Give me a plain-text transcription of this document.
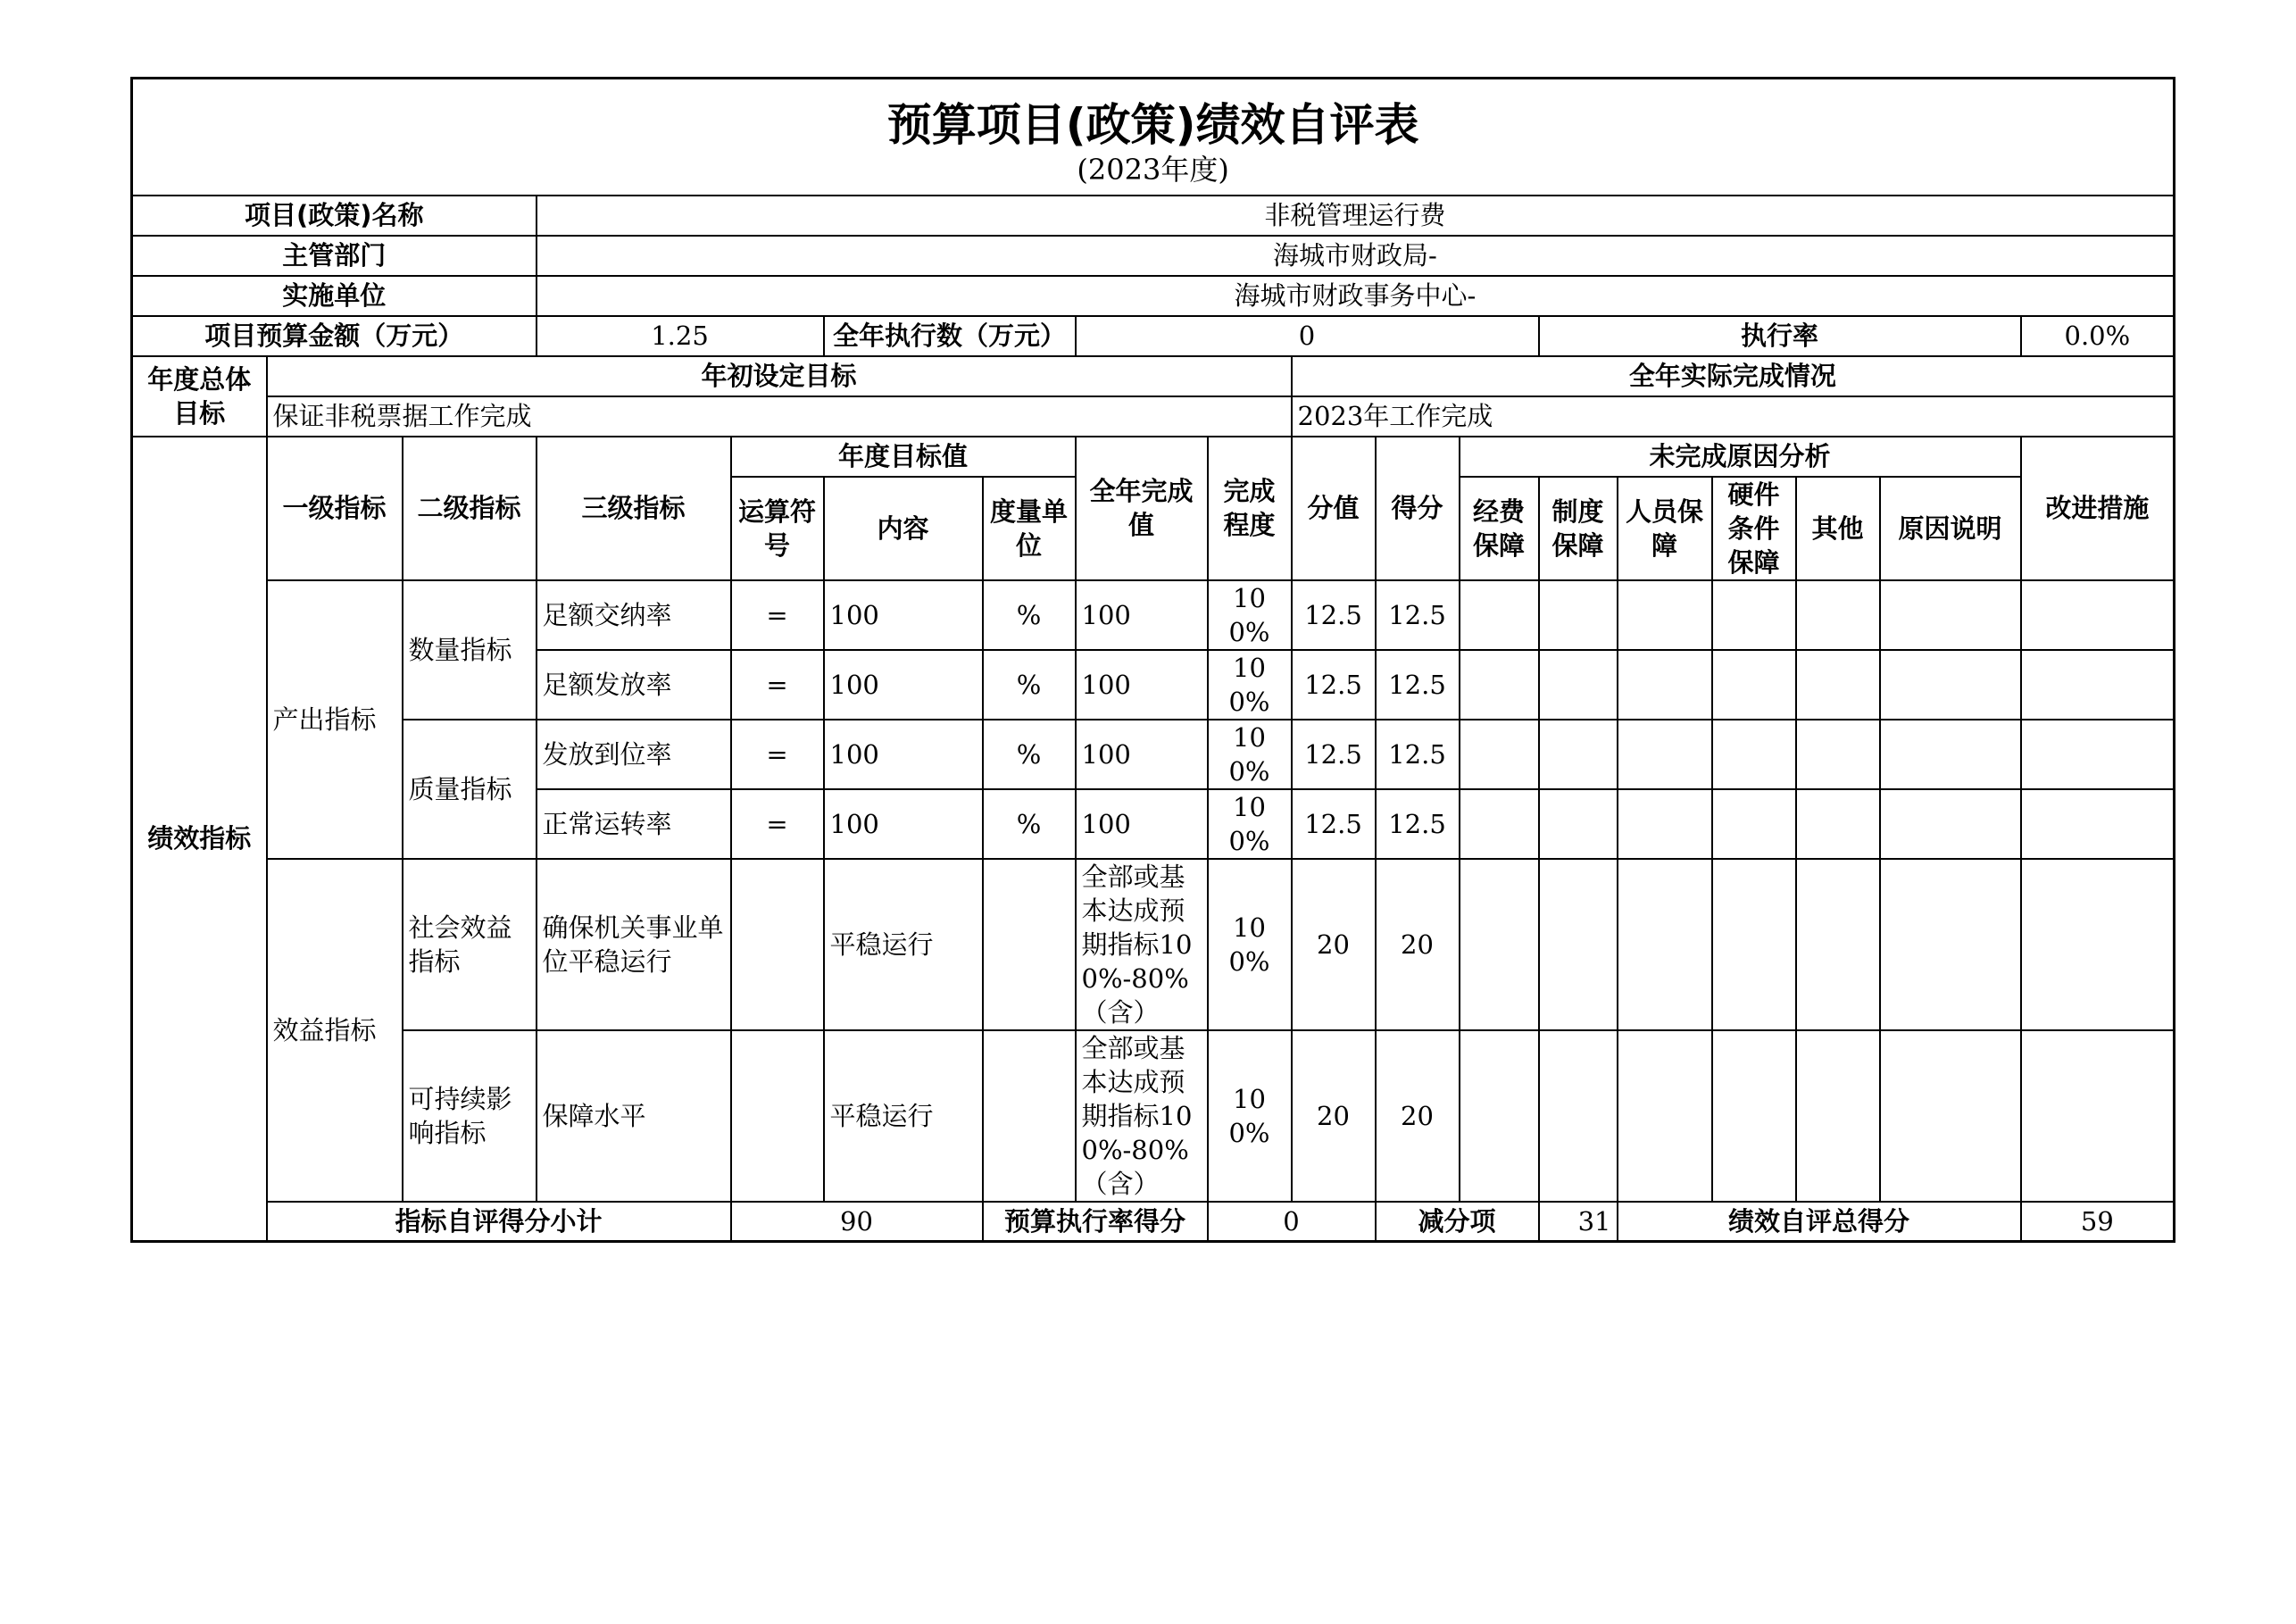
预算项目(政策)绩效自评表
(2023年度)																	

项目(政策)名称			非税管理运行费														
主管部门			海城市财政局-														
实施单位			海城市财政事务中心-														
项目预算金额（万元）			1.25		全年执行数（万元）		0					执行率					0.0%
年度总体目标	年初设定目标								全年实际完成情况								
	保证非税票据工作完成								2023年工作完成								
绩效指标	一级指标	二级指标	三级指标	年度目标值			全年完成值	完成程度	分值	得分	未完成原因分析						改进措施
				运算符号	内容	度量单位					经费保障	制度保障	人员保障	硬件条件保障	其他	原因说明	
	产出指标	数量指标	足额交纳率	=	100	%	100	100%	12.5	12.5							
			足额发放率	=	100	%	100	100%	12.5	12.5							
		质量指标	发放到位率	=	100	%	100	100%	12.5	12.5							
			正常运转率	=	100	%	100	100%	12.5	12.5							
	效益指标	社会效益指标	确保机关事业单位平稳运行		平稳运行		全部或基本达成预期指标100%-80%（含）	100%	20	20							
		可持续影响指标	保障水平		平稳运行		全部或基本达成预期指标100%-80%（含）	100%	20	20							
	指标自评得分小计			90		预算执行率得分		0		减分项		31	绩效自评总得分				59
